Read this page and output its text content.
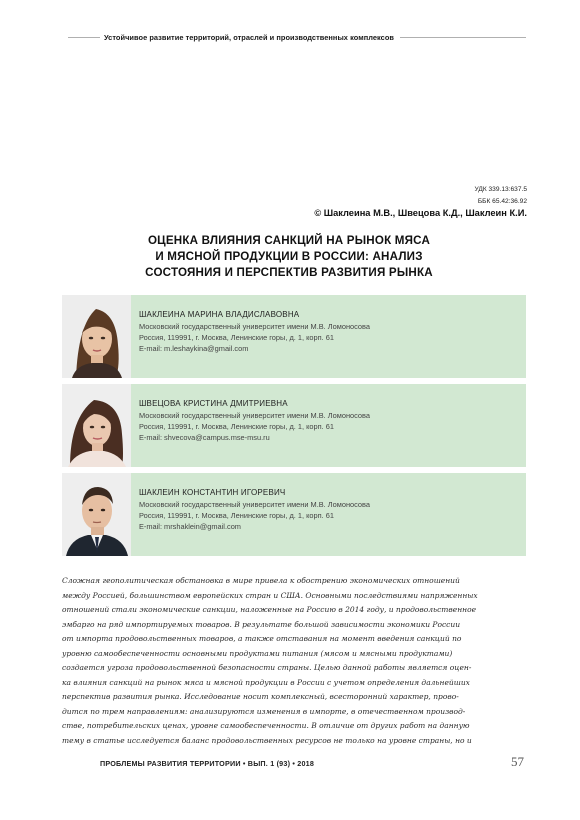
Устойчивое развитие территорий, отраслей и производственных комплексов
УДК 339.13:637.5
ББК 65.42:36.92
© Шаклеина М.В., Швецова К.Д., Шаклеин К.И.
ОЦЕНКА ВЛИЯНИЯ САНКЦИЙ НА РЫНОК МЯСА
И МЯСНОЙ ПРОДУКЦИИ В РОССИИ: АНАЛИЗ
СОСТОЯНИЯ И ПЕРСПЕКТИВ РАЗВИТИЯ РЫНКА
ШАКЛЕИНА МАРИНА ВЛАДИСЛАВОВНА
Московский государственный университет имени М.В. Ломоносова
Россия, 119991, г. Москва, Ленинские горы, д. 1, корп. 61
E-mail: m.leshaykina@gmail.com
ШВЕЦОВА КРИСТИНА ДМИТРИЕВНА
Московский государственный университет имени М.В. Ломоносова
Россия, 119991, г. Москва, Ленинские горы, д. 1, корп. 61
E-mail: shvecova@campus.mse-msu.ru
ШАКЛЕИН КОНСТАНТИН ИГОРЕВИЧ
Московский государственный университет имени М.В. Ломоносова
Россия, 119991, г. Москва, Ленинские горы, д. 1, корп. 61
E-mail: mrshaklein@gmail.com
Сложная геополитическая обстановка в мире привела к обострению экономических отношений
между Россией, большинством европейских стран и США. Основными последствиями напряженных
отношений стали экономические санкции, наложенные на Россию в 2014 году, и продовольственное
эмбарго на ряд импортируемых товаров. В результате большой зависимости экономики России
от импорта продовольственных товаров, а также отставания на момент введения санкций по
уровню самообеспеченности основными продуктами питания (мясом и мясными продуктами)
создается угроза продовольственной безопасности страны. Целью данной работы является оцен-
ка влияния санкций на рынок мяса и мясной продукции в России с учетом определения дальнейших
перспектив развития рынка. Исследование носит комплексный, всесторонний характер, прово-
дится по трем направлениям: анализируются изменения в импорте, в отечественном производ-
стве, потребительских ценах, уровне самообеспеченности. В отличие от других работ на данную
тему в статье исследуется баланс продовольственных ресурсов не только на уровне страны, но и
ПРОБЛЕМЫ РАЗВИТИЯ ТЕРРИТОРИИ • ВЫП. 1 (93) • 2018	57
